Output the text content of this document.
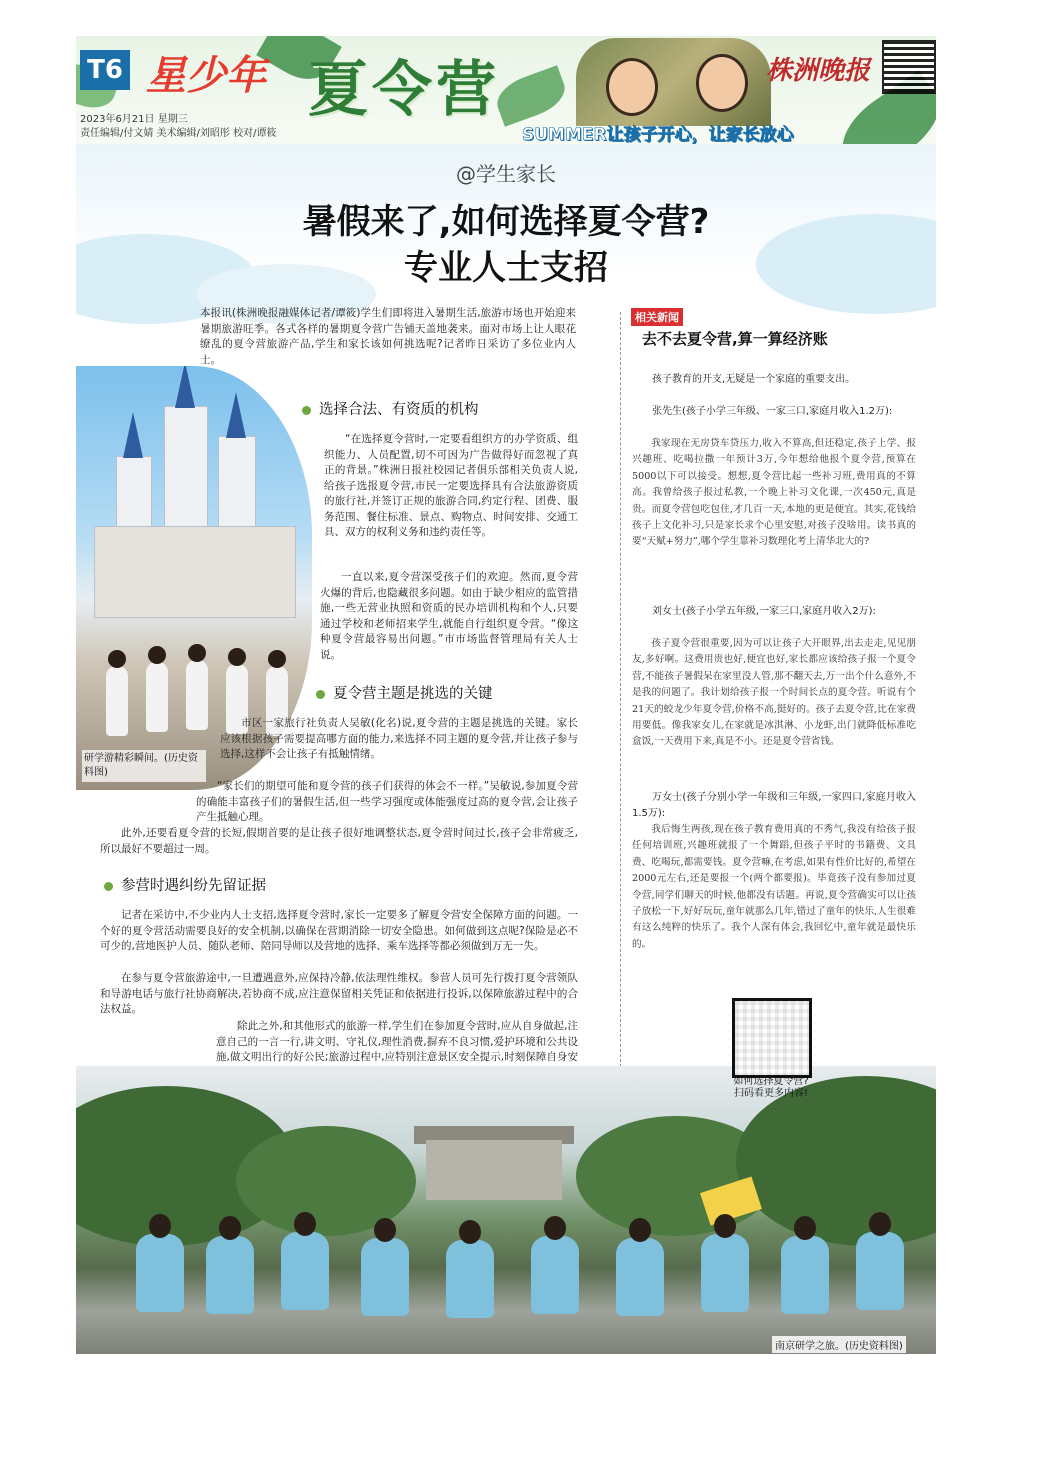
T6 星少年 夏令营	株洲晚报
2023年6月21日 星期三
责任编辑/付文婧 美术编辑/刘昭彤 校对/谭筱	SUMMER让孩子开心，让家长放心
@学生家长
暑假来了,如何选择夏令营?
专业人士支招
研学游精彩瞬间。(历史资料图)

本报讯(株洲晚报融媒体记者/谭筱)学生们即将进入暑期生活,旅游市场也开始迎来暑期旅游旺季。各式各样的暑期夏令营广告铺天盖地袭来。面对市场上让人眼花缭乱的夏令营旅游产品,学生和家长该如何挑选呢?记者昨日采访了多位业内人士。

选择合法、有资质的机构

“在选择夏令营时,一定要看组织方的办学资质、组织能力、人员配置,切不可因为广告做得好而忽视了真正的背景。”株洲日报社校园记者俱乐部相关负责人说,给孩子选报夏令营,市民一定要选择具有合法旅游资质的旅行社,并签订正规的旅游合同,约定行程、团费、服务范围、餐住标准、景点、购物点、时间安排、交通工具、双方的权利义务和违约责任等。

一直以来,夏令营深受孩子们的欢迎。然而,夏令营火爆的背后,也隐藏很多问题。如由于缺少相应的监管措施,一些无营业执照和资质的民办培训机构和个人,只要通过学校和老师招来学生,就能自行组织夏令营。“像这种夏令营最容易出问题。”市市场监督管理局有关人士说。

夏令营主题是挑选的关键

市区一家旅行社负责人吴敏(化名)说,夏令营的主题是挑选的关键。家长应该根据孩子需要提高哪方面的能力,来选择不同主题的夏令营,并让孩子参与选择,这样不会让孩子有抵触情绪。

“家长们的期望可能和夏令营的孩子们获得的体会不一样。”吴敏说,参加夏令营的确能丰富孩子们的暑假生活,但一些学习强度或体能强度过高的夏令营,会让孩子产生抵触心理。

此外,还要看夏令营的长短,假期首要的是让孩子很好地调整状态,夏令营时间过长,孩子会非常疲乏,所以最好不要超过一周。

参营时遇纠纷先留证据

记者在采访中,不少业内人士支招,选择夏令营时,家长一定要多了解夏令营安全保障方面的问题。一个好的夏令营活动需要良好的安全机制,以确保在营期消除一切安全隐患。如何做到这点呢?保险是必不可少的,营地医护人员、随队老师、陪同导师以及营地的选择、乘车选择等都必须做到万无一失。

在参与夏令营旅游途中,一旦遭遇意外,应保持冷静,依法理性维权。参营人员可先行拨打夏令营领队和导游电话与旅行社协商解决,若协商不成,应注意保留相关凭证和依据进行投诉,以保障旅游过程中的合法权益。

除此之外,和其他形式的旅游一样,学生们在参加夏令营时,应从自身做起,注意自己的一言一行,讲文明、守礼仪,理性消费,摒弃不良习惯,爱护环境和公共设施,做文明出行的好公民;旅游过程中,应特别注意景区安全提示,时刻保障自身安

相关新闻
去不去夏令营,算一算经济账

孩子教育的开支,无疑是一个家庭的重要支出。

张先生(孩子小学三年级、一家三口,家庭月收入1.2万):

我家现在无房贷车贷压力,收入不算高,但还稳定,孩子上学、报兴趣班、吃喝拉撒一年预计3万,今年想给他报个夏令营,预算在5000以下可以接受。想想,夏令营比起一些补习班,费用真的不算高。我曾给孩子报过私教,一个晚上补习文化课,一次450元,真是贵。而夏令营包吃包住,才几百一天,本地的更是便宜。其实,花钱给孩子上文化补习,只是家长求个心里安慰,对孩子没啥用。读书真的要“天赋+努力”,哪个学生靠补习数理化考上清华北大的?

刘女士(孩子小学五年级,一家三口,家庭月收入2万):

孩子夏令营很重要,因为可以让孩子大开眼界,出去走走,见见朋友,多好啊。这费用贵也好,便宜也好,家长都应该给孩子报一个夏令营,不能孩子暑假呆在家里没人管,那不翻天去,万一出个什么意外,不是我的问题了。我计划给孩子报一个时间长点的夏令营。听说有个21天的蛟龙少年夏令营,价格不高,挺好的。孩子去夏令营,比在家费用要低。像我家女儿,在家就是冰淇淋、小龙虾,出门就降低标准吃盒饭,一天费用下来,真是不小。还是夏令营省钱。

万女士(孩子分别小学一年级和三年级,一家四口,家庭月收入1.5万):

我后悔生两孩,现在孩子教育费用真的不秀气,我没有给孩子报任何培训班,兴趣班就报了一个舞蹈,但孩子平时的书籍费、文具费、吃喝玩,都需要钱。夏令营嘛,在考虑,如果有性价比好的,希望在2000元左右,还是要报一个(两个都要报)。毕竟孩子没有参加过夏令营,同学们聊天的时候,他都没有话题。再说,夏令营确实可以让孩子放松一下,好好玩玩,童年就那么几年,错过了童年的快乐,人生很难有这么纯粹的快乐了。我个人深有体会,我回忆中,童年就是最快乐的。

如何选择夏令营?
扫码看更多内容!
南京研学之旅。(历史资料图)
